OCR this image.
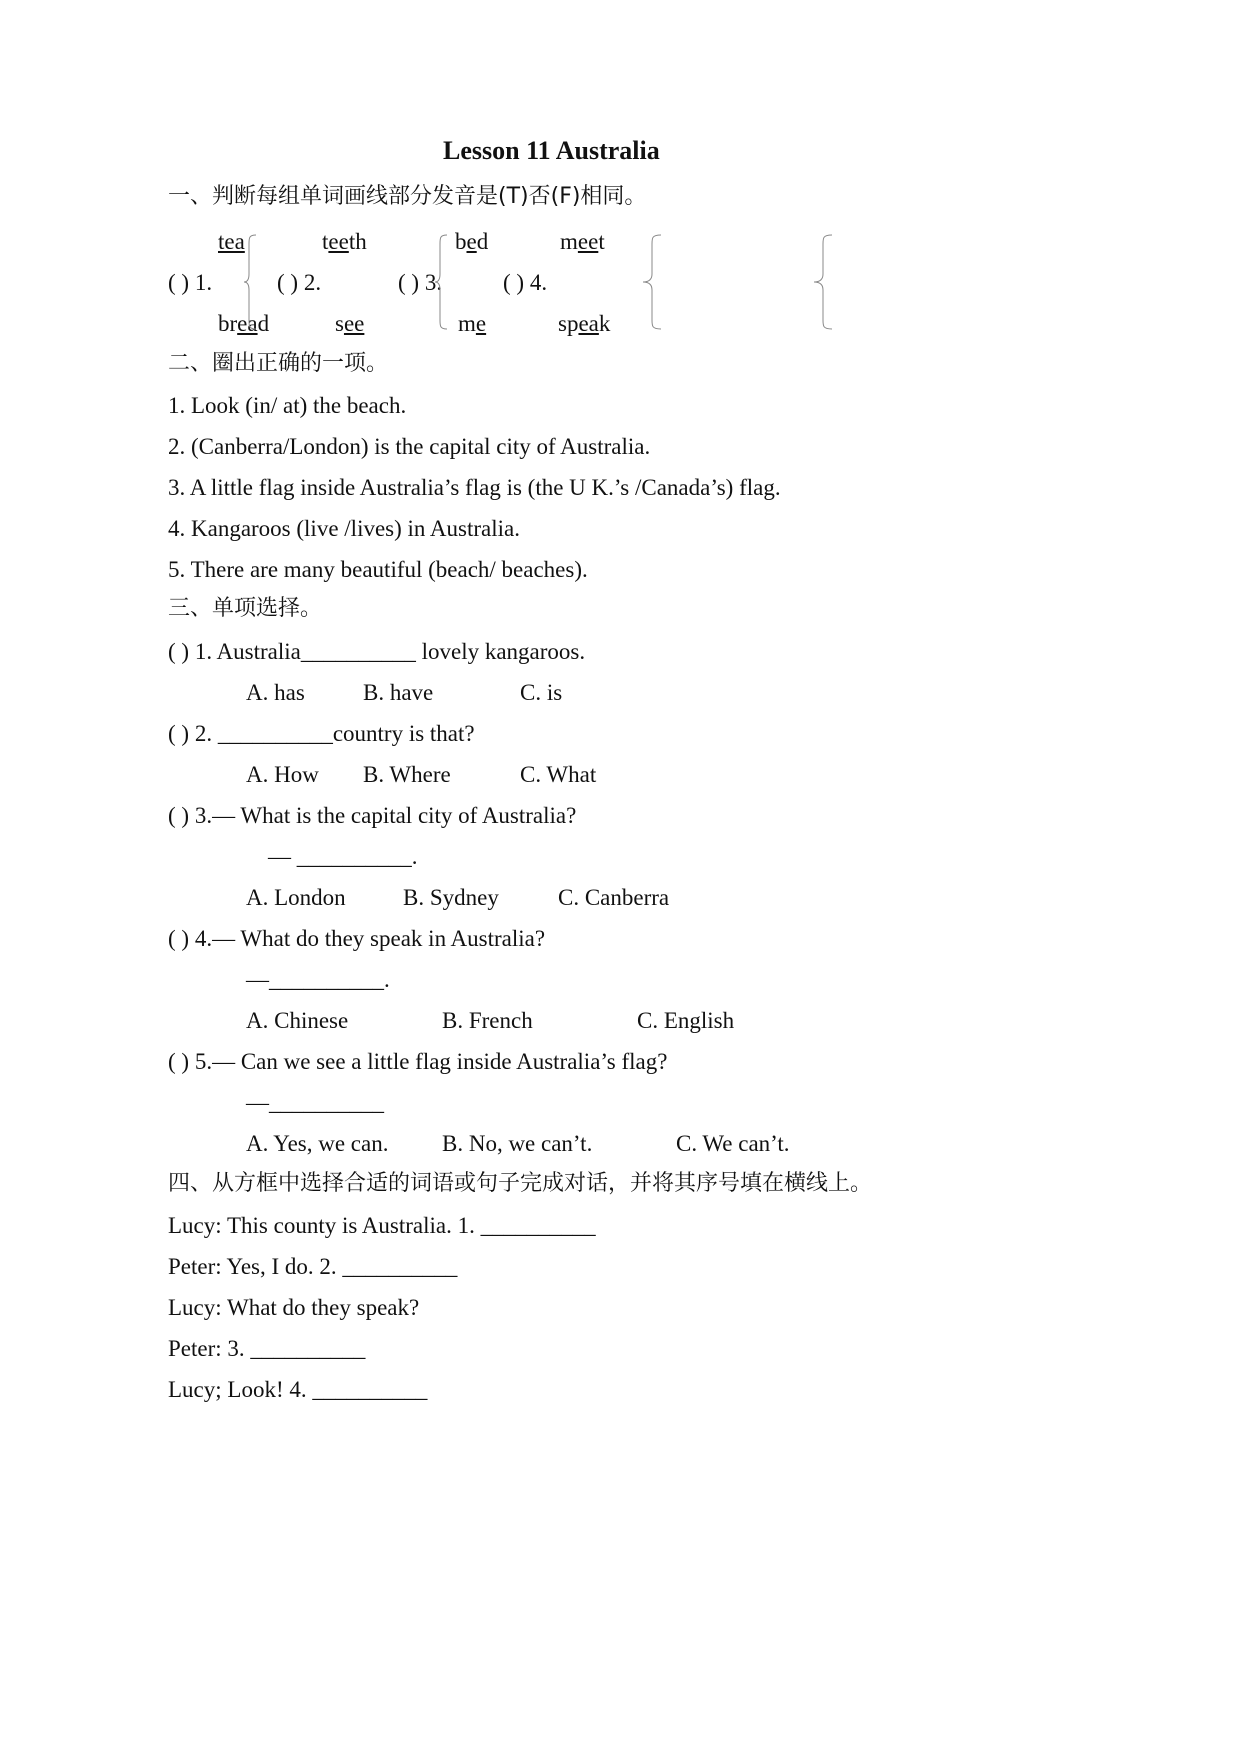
Lesson 11 Australia
一、判断每组单词画线部分发音是(T)否(F)相同。
tea	teeth	bed	meet
( ) 1.	( ) 2.	( ) 3.	( ) 4.
bread	see	me	speak
二、圈出正确的一项。
1. Look (in/ at) the beach.
2. (Canberra/London) is the capital city of Australia.
3. A little flag inside Australia’s flag is (the U K.’s /Canada’s) flag.
4. Kangaroos (live /lives) in Australia.
5. There are many beautiful (beach/ beaches).
三、单项选择。
( ) 1. Australia__________ lovely kangaroos.
A. has	B. have	C. is
( ) 2. __________country is that?
A. How B. Where	C. What
( ) 3.— What is the capital city of Australia?
— __________.
A. London B. Sydney	C. Canberra
( ) 4.— What do they speak in Australia?
—__________.
A. Chinese	B. French	C. English
( ) 5.— Can we see a little flag inside Australia’s flag?
—__________
A. Yes, we can. B. No, we can’t.	C. We can’t.
四、从方框中选择合适的词语或句子完成对话，并将其序号填在横线上。
Lucy: This county is Australia. 1. __________
Peter: Yes, I do. 2. __________
Lucy: What do they speak?
Peter: 3. __________
Lucy; Look! 4. __________
